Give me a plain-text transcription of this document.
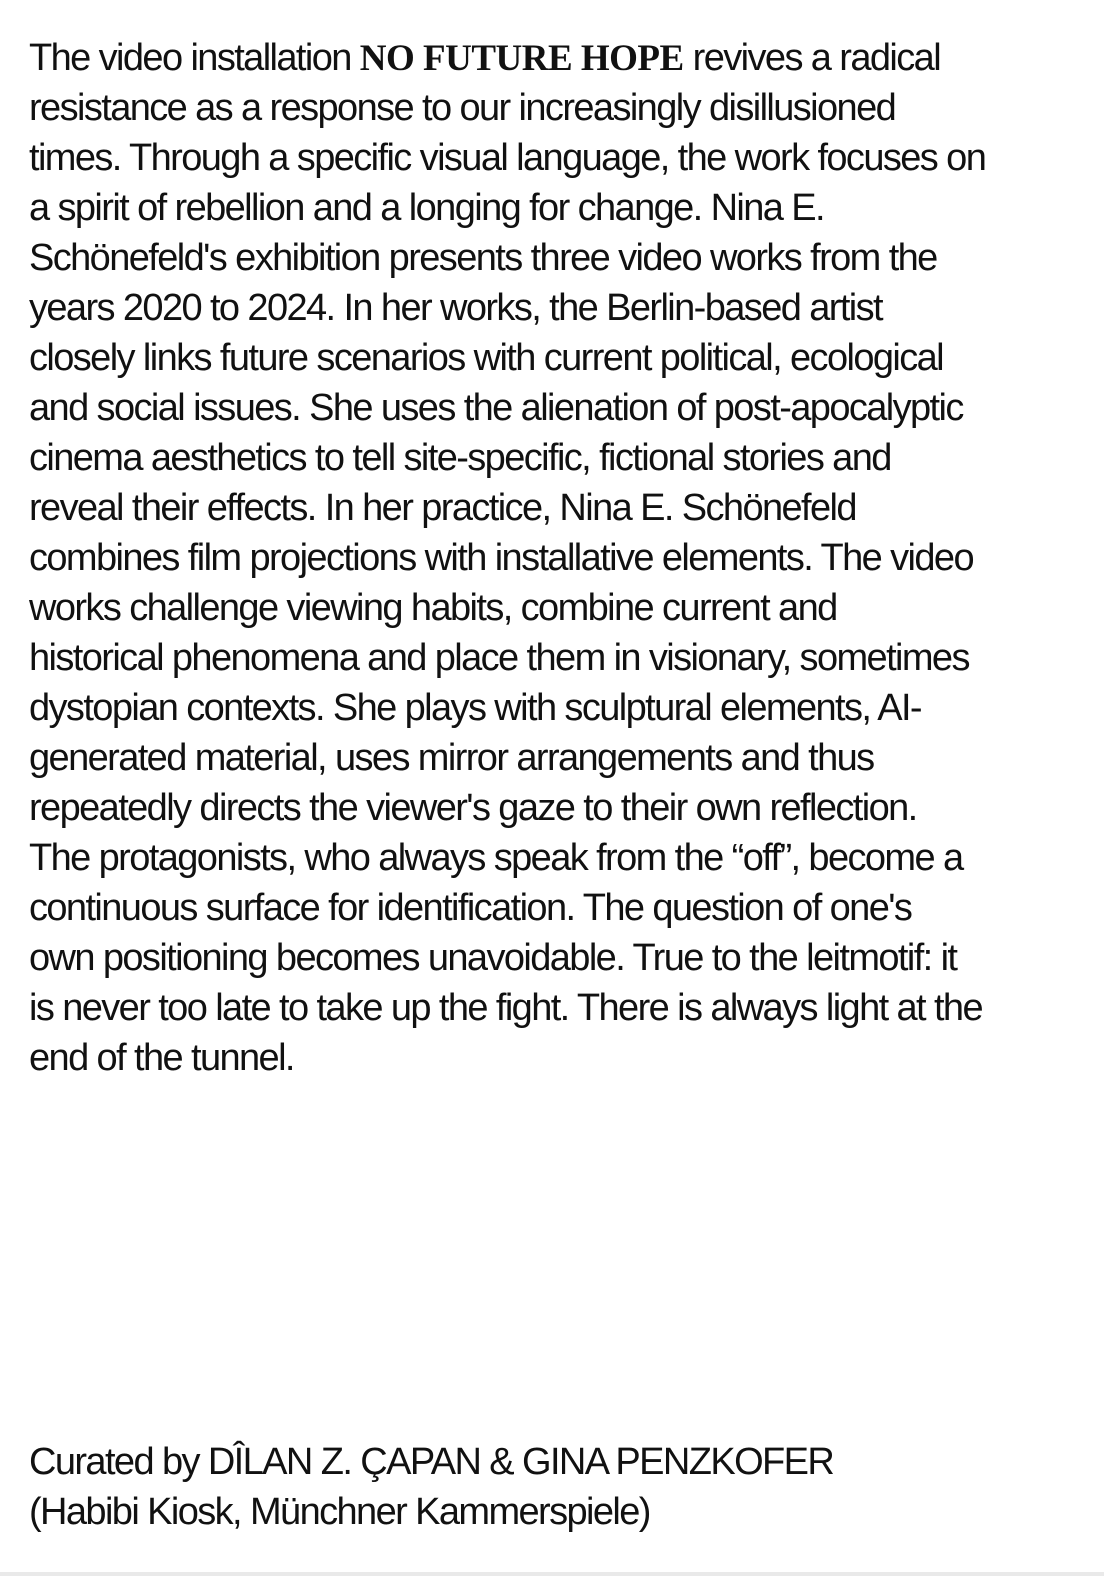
The video installation NO FUTURE HOPE revives a radical
resistance as a response to our increasingly disillusioned
times. Through a specific visual language, the work focuses on
a spirit of rebellion and a longing for change. Nina E.
Schönefeld's exhibition presents three video works from the
years 2020 to 2024. In her works, the Berlin-based artist
closely links future scenarios with current political, ecological
and social issues. She uses the alienation of post-apocalyptic
cinema aesthetics to tell site-specific, fictional stories and
reveal their effects. In her practice, Nina E. Schönefeld
combines film projections with installative elements. The video
works challenge viewing habits, combine current and
historical phenomena and place them in visionary, sometimes
dystopian contexts. She plays with sculptural elements, AI-
generated material, uses mirror arrangements and thus
repeatedly directs the viewer's gaze to their own reflection.
The protagonists, who always speak from the “off”, become a
continuous surface for identification. The question of one's
own positioning becomes unavoidable. True to the leitmotif: it
is never too late to take up the fight. There is always light at the
end of the tunnel.
Curated by DÎLAN Z. ÇAPAN & GINA PENZKOFER
(Habibi Kiosk, Münchner Kammerspiele)
